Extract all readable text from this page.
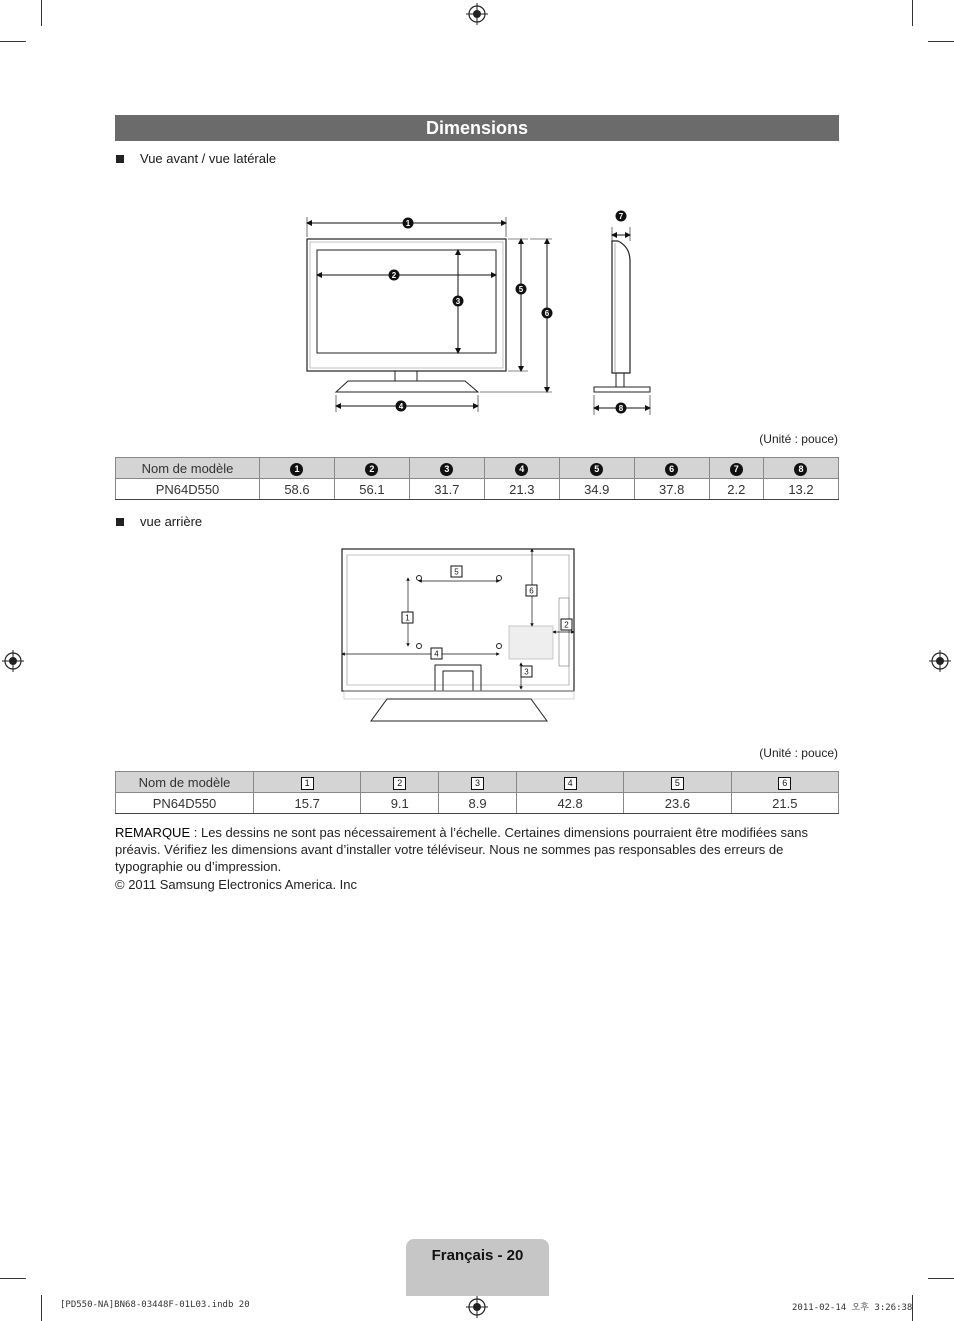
Dimensions
Vue avant / vue latérale
1
2
3
4
5
6
7
8
(Unité : pouce)
Nom de modèle	1	2	3	4	5	6	7	8
PN64D550	58.6	56.1	31.7	21.3	34.9	37.8	2.2	13.2
vue arrière
5
1
4
6
3
2
(Unité : pouce)
Nom de modèle	1	2	3	4	5	6
PN64D550	15.7	9.1	8.9	42.8	23.6	21.5
REMARQUE : Les dessins ne sont pas nécessairement à l’échelle. Certaines dimensions pourraient être modifiées sans préavis. Vérifiez les dimensions avant d’installer votre téléviseur. Nous ne sommes pas responsables des erreurs de typographie ou d’impression.
© 2011 Samsung Electronics America. Inc
Français - 20
[PD550-NA]BN68-03448F-01L03.indb 20	2011-02-14 오후 3:26:38
